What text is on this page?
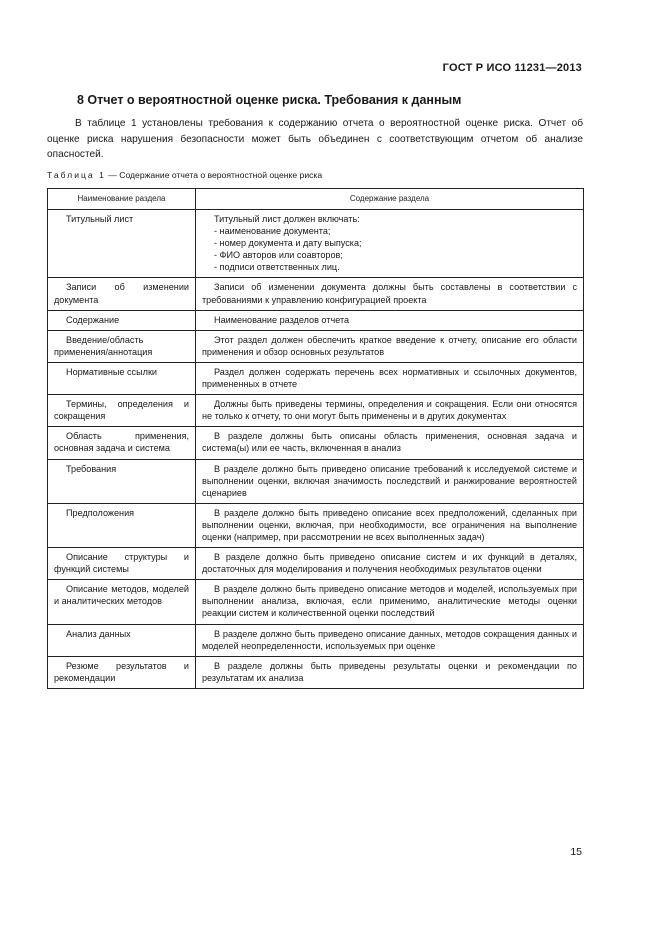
ГОСТ Р ИСО 11231—2013
8 Отчет о вероятностной оценке риска. Требования к данным

В таблице 1 установлены требования к содержанию отчета о вероятностной оценке риска. Отчет об оценке риска нарушения безопасности может быть объединен с соответствующим отчетом об анализе опасностей.

Таблица 1 — Содержание отчета о вероятностной оценке риска
Наименование раздела	Содержание раздела
Титульный лист	Титульный лист должен включать:
- наименование документа;
- номер документа и дату выпуска;
- ФИО авторов или соавторов;
- подписи ответственных лиц.

Записи об изменении документа	Записи об изменении документа должны быть составлены в соответствии с требованиями к управлению конфигурацией проекта
Содержание	Наименование разделов отчета
Введение/область применения/аннотация	Этот раздел должен обеспечить краткое введение к отчету, описание его области применения и обзор основных результатов
Нормативные ссылки	Раздел должен содержать перечень всех нормативных и ссылочных документов, примененных в отчете
Термины, определения и сокращения	Должны быть приведены термины, определения и сокращения. Если они относятся не только к отчету, то они могут быть применены и в других документах
Область применения, основная задача и система	В разделе должны быть описаны область применения, основная задача и система(ы) или ее часть, включенная в анализ
Требования	В разделе должно быть приведено описание требований к исследуемой системе и выполнении оценки, включая значимость последствий и ранжирование вероятностей сценариев
Предположения	В разделе должно быть приведено описание всех предположений, сделанных при выполнении оценки, включая, при необходимости, все ограничения на выполнение оценки (например, при рассмотрении не всех выполненных задач)
Описание структуры и функций системы	В разделе должно быть приведено описание систем и их функций в деталях, достаточных для моделирования и получения необходимых результатов оценки
Описание методов, моделей и аналитических методов	В разделе должно быть приведено описание методов и моделей, используемых при выполнении анализа, включая, если применимо, аналитические методы оценки реакции систем и количественной оценки последствий
Анализ данных	В разделе должно быть приведено описание данных, методов сокращения данных и моделей неопределенности, используемых при оценке
Резюме результатов и рекомендации	В разделе должны быть приведены результаты оценки и рекомендации по результатам их анализа
15
